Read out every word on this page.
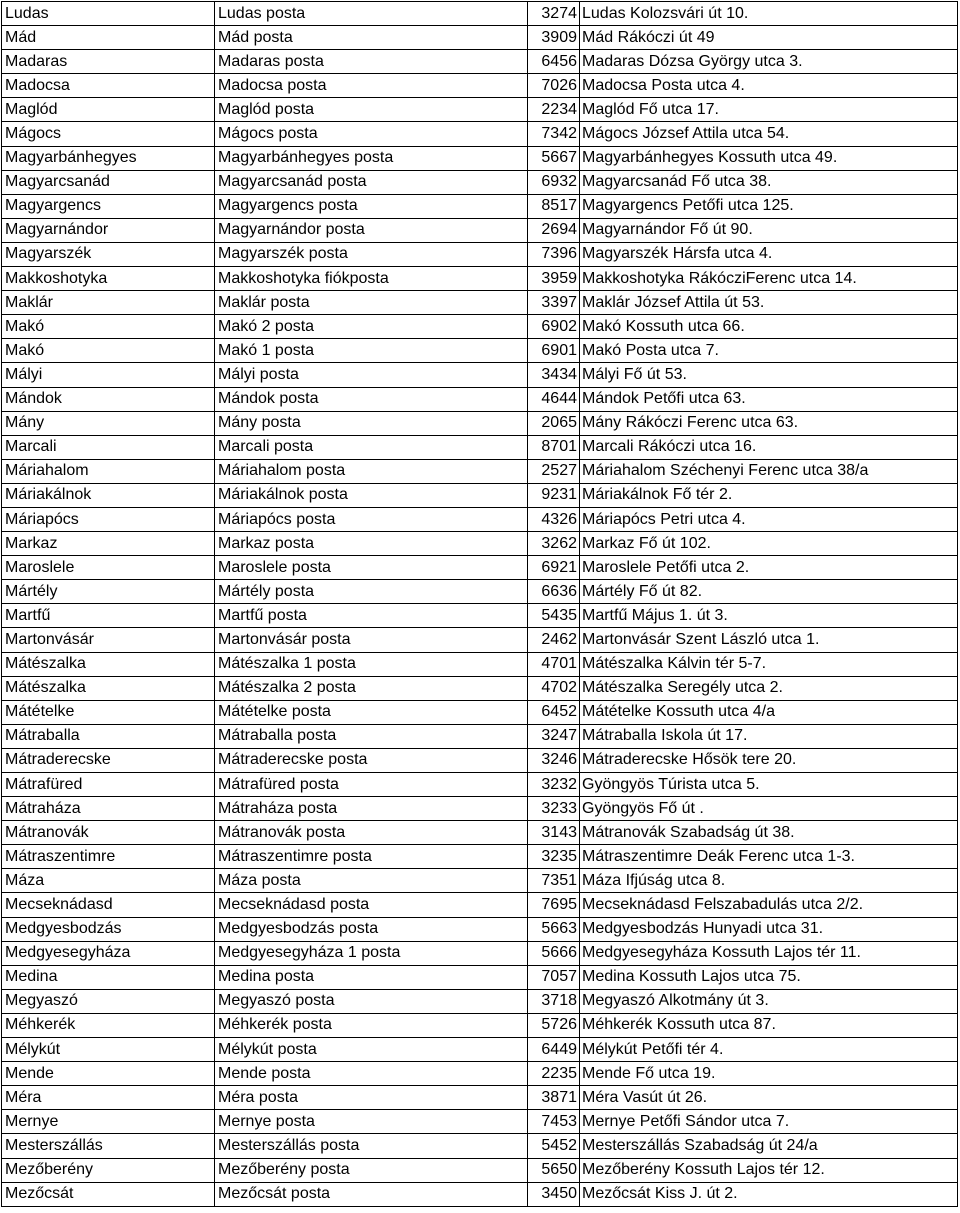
Ludas	Ludas posta	3274	Ludas Kolozsvári út 10.
Mád	Mád posta	3909	Mád Rákóczi út 49
Madaras	Madaras posta	6456	Madaras Dózsa György utca 3.
Madocsa	Madocsa posta	7026	Madocsa Posta utca 4.
Maglód	Maglód posta	2234	Maglód Fő utca 17.
Mágocs	Mágocs posta	7342	Mágocs József Attila utca 54.
Magyarbánhegyes	Magyarbánhegyes posta	5667	Magyarbánhegyes Kossuth utca 49.
Magyarcsanád	Magyarcsanád posta	6932	Magyarcsanád Fő utca 38.
Magyargencs	Magyargencs posta	8517	Magyargencs Petőfi utca 125.
Magyarnándor	Magyarnándor posta	2694	Magyarnándor Fő út 90.
Magyarszék	Magyarszék posta	7396	Magyarszék Hársfa utca 4.
Makkoshotyka	Makkoshotyka fiókposta	3959	Makkoshotyka RákócziFerenc utca 14.
Maklár	Maklár posta	3397	Maklár József Attila út 53.
Makó	Makó 2 posta	6902	Makó Kossuth utca 66.
Makó	Makó 1 posta	6901	Makó Posta utca 7.
Mályi	Mályi posta	3434	Mályi Fő út 53.
Mándok	Mándok posta	4644	Mándok Petőfi utca 63.
Mány	Mány posta	2065	Mány Rákóczi Ferenc utca 63.
Marcali	Marcali posta	8701	Marcali Rákóczi utca 16.
Máriahalom	Máriahalom posta	2527	Máriahalom Széchenyi Ferenc utca 38/a
Máriakálnok	Máriakálnok posta	9231	Máriakálnok Fő tér 2.
Máriapócs	Máriapócs posta	4326	Máriapócs Petri utca 4.
Markaz	Markaz posta	3262	Markaz Fő út 102.
Maroslele	Maroslele posta	6921	Maroslele Petőfi utca 2.
Mártély	Mártély posta	6636	Mártély Fő út 82.
Martfű	Martfű posta	5435	Martfű Május 1. út 3.
Martonvásár	Martonvásár posta	2462	Martonvásár Szent László utca 1.
Mátészalka	Mátészalka 1 posta	4701	Mátészalka Kálvin tér 5-7.
Mátészalka	Mátészalka 2 posta	4702	Mátészalka Seregély utca 2.
Mátételke	Mátételke posta	6452	Mátételke Kossuth utca 4/a
Mátraballa	Mátraballa posta	3247	Mátraballa Iskola út 17.
Mátraderecske	Mátraderecske posta	3246	Mátraderecske Hősök tere 20.
Mátrafüred	Mátrafüred posta	3232	Gyöngyös Túrista utca 5.
Mátraháza	Mátraháza posta	3233	Gyöngyös Fő út .
Mátranovák	Mátranovák posta	3143	Mátranovák Szabadság út 38.
Mátraszentimre	Mátraszentimre posta	3235	Mátraszentimre Deák Ferenc utca 1-3.
Máza	Máza posta	7351	Máza Ifjúság utca 8.
Mecseknádasd	Mecseknádasd posta	7695	Mecseknádasd Felszabadulás utca 2/2.
Medgyesbodzás	Medgyesbodzás posta	5663	Medgyesbodzás Hunyadi utca 31.
Medgyesegyháza	Medgyesegyháza 1 posta	5666	Medgyesegyháza Kossuth Lajos tér 11.
Medina	Medina posta	7057	Medina Kossuth Lajos utca 75.
Megyaszó	Megyaszó posta	3718	Megyaszó Alkotmány út 3.
Méhkerék	Méhkerék posta	5726	Méhkerék Kossuth utca 87.
Mélykút	Mélykút posta	6449	Mélykút Petőfi tér 4.
Mende	Mende posta	2235	Mende Fő utca 19.
Méra	Méra posta	3871	Méra Vasút út 26.
Mernye	Mernye posta	7453	Mernye Petőfi Sándor utca 7.
Mesterszállás	Mesterszállás posta	5452	Mesterszállás Szabadság út 24/a
Mezőberény	Mezőberény posta	5650	Mezőberény Kossuth Lajos tér 12.
Mezőcsát	Mezőcsát posta	3450	Mezőcsát Kiss J. út 2.
